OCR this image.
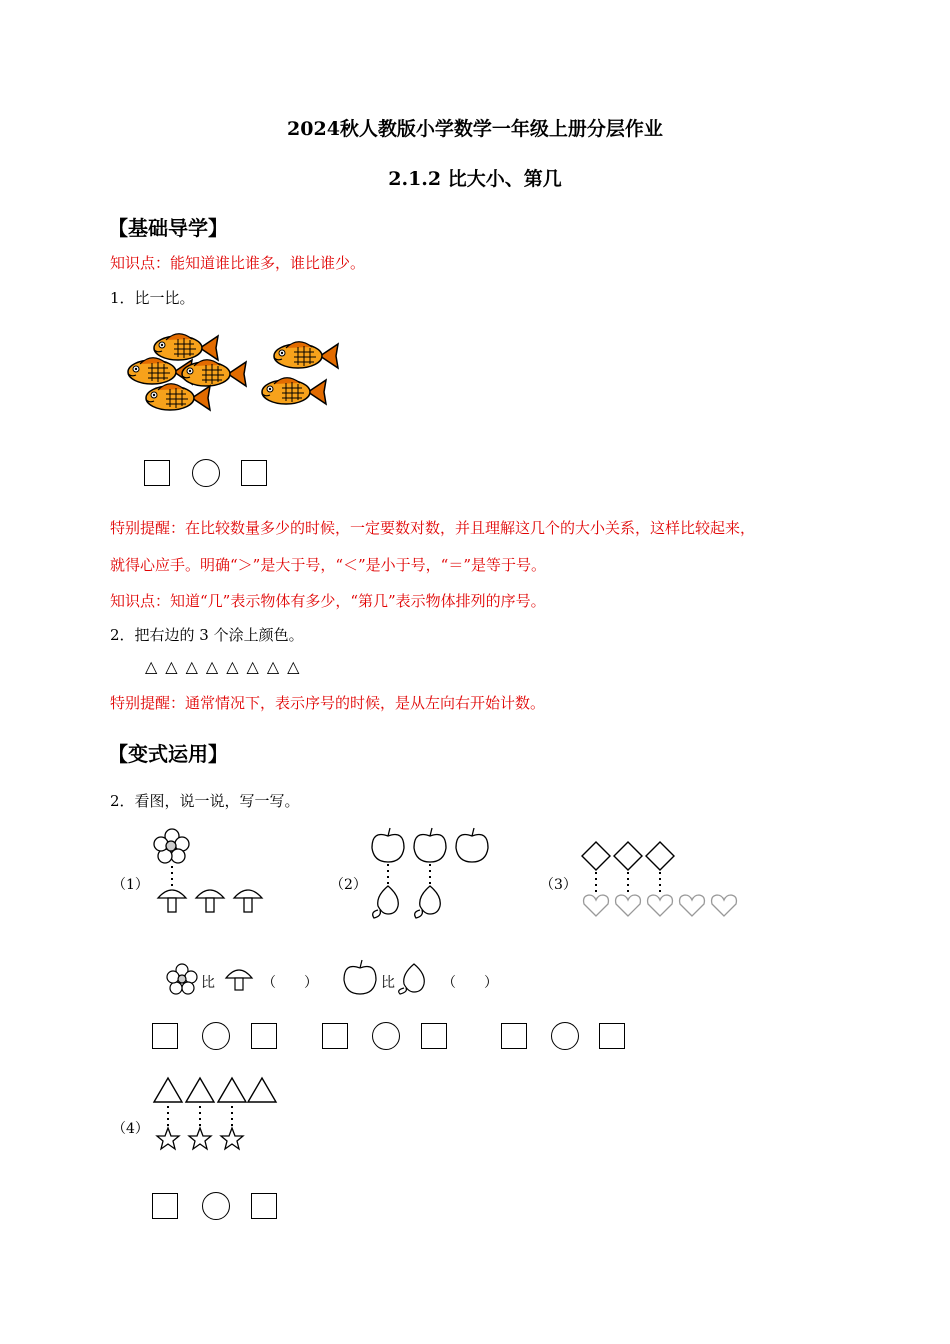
2024秋人教版小学数学一年级上册分层作业
2.1.2 比大小、第几
【基础导学】
知识点：能知道谁比谁多，谁比谁少。
1．比一比。
特别提醒：在比较数量多少的时候，一定要数对数，并且理解这几个的大小关系，这样比较起来，
就得心应手。明确“＞”是大于号，“＜”是小于号，“＝”是等于号。
知识点：知道“几”表示物体有多少，“第几”表示物体排列的序号。
2．把右边的 3 个涂上颜色。
△△△△△△△△
特别提醒：通常情况下，表示序号的时候，是从左向右开始计数。
【变式运用】
2．看图，说一说，写一写。
（1）	（2）	（3）
比	（　　）	比	（　　）
（4）
